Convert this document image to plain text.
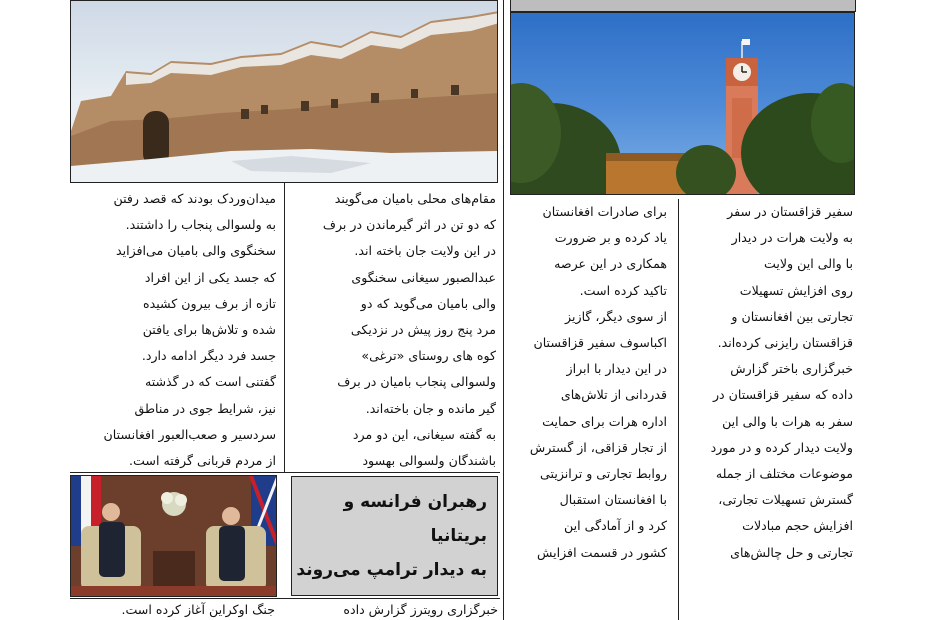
مقام‌های محلی بامیان می‌گویند
که دو تن در اثر گیرماندن در برف
در این ولایت جان باخته اند.
عبدالصبور سیغانی سخنگوی
والی بامیان می‌گوید که دو
مرد پنج روز پیش در نزدیکی
کوه های روستای «ترغی»
ولسوالی پنجاب بامیان در برف
گیر مانده و جان باخته‌اند.
به گفته سیغانی، این دو مرد
باشندگان ولسوالی بهسود
میدان‌وردک بودند که قصد رفتن
به ولسوالی پنجاب را داشتند.
سخنگوی والی بامیان می‌افزاید
که جسد یکی از این افراد
تازه از برف بیرون کشیده
شده و تلاش‌ها برای یافتن
جسد فرد دیگر ادامه دارد.
گفتنی است که در گذشته
نیز، شرایط جوی در مناطق
سردسیر و صعب‌العبور افغانستان
از مردم قربانی گرفته است.
سفیر قزاقستان در سفر
به ولایت هرات در دیدار
با والی این ولایت
روی افزایش تسهیلات
تجارتی بین افغانستان و
قزاقستان رایزنی کرده‌اند.
خبرگزاری باختر گزارش
داده که سفیر قزاقستان در
سفر به هرات با والی این
ولایت دیدار کرده و در مورد
موضوعات مختلف از جمله
گسترش تسهیلات تجارتی،
افزایش حجم مبادلات
تجارتی و حل چالش‌های
برای صادرات افغانستان
یاد کرده و بر ضرورت
همکاری در این عرصه
تاکید کرده است.
از سوی دیگر، گازیز
اکباسوف سفیر قزاقستان
در این دیدار با ابراز
قدردانی از تلاش‌های
اداره هرات برای حمایت
از تجار قزاقی، از گسترش
روابط تجارتی و ترانزیتی
با افغانستان استقبال
کرد و از آمادگی این
کشور در قسمت افزایش
رهبران فرانسه و بریتانیا
به دیدار ترامپ می‌روند
خبرگزاری رویترز گزارش داده
جنگ اوکراین آغاز کرده است.
